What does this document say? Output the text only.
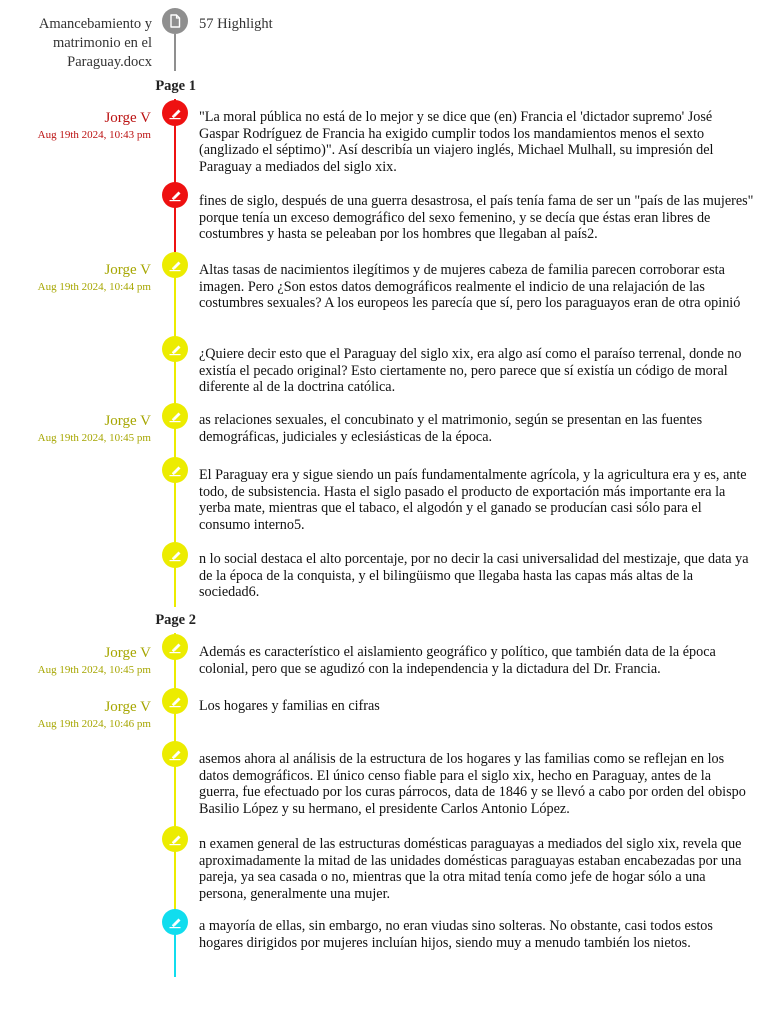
Amancebamiento y matrimonio en el Paraguay.docx
57 Highlight
Page 1
Jorge V
Aug 19th 2024, 10:43 pm
"La moral pública no está de lo mejor y se dice que (en) Francia el 'dictador supremo' José Gaspar Rodríguez de Francia ha exigido cumplir todos los mandamientos menos el sexto (anglizado el séptimo)". Así describía un viajero inglés, Michael Mulhall, su impresión del Paraguay a mediados del siglo xix.
fines de siglo, después de una guerra desastrosa, el país tenía fama de ser un "país de las mujeres" porque tenía un exceso demográfico del sexo femenino, y se decía que éstas eran libres de costumbres y hasta se peleaban por los hombres que llegaban al país2.
Jorge V
Aug 19th 2024, 10:44 pm
Altas tasas de nacimientos ilegítimos y de mujeres cabeza de familia parecen corroborar esta imagen. Pero ¿Son estos datos demográficos realmente el indicio de una relajación de las costumbres sexuales? A los europeos les parecía que sí, pero los paraguayos eran de otra opinió
¿Quiere decir esto que el Paraguay del siglo xix, era algo así como el paraíso terrenal, donde no existía el pecado original? Esto ciertamente no, pero parece que sí existía un código de moral diferente al de la doctrina católica.
Jorge V
Aug 19th 2024, 10:45 pm
as relaciones sexuales, el concubinato y el matrimonio, según se presentan en las fuentes demográficas, judiciales y eclesiásticas de la época.
El Paraguay era y sigue siendo un país fundamentalmente agrícola, y la agricultura era y es, ante todo, de subsistencia. Hasta el siglo pasado el producto de exportación más importante era la yerba mate, mientras que el tabaco, el algodón y el ganado se producían casi sólo para el consumo interno5.
n lo social destaca el alto porcentaje, por no decir la casi universalidad del mestizaje, que data ya de la época de la conquista, y el bilingüismo que llegaba hasta las capas más altas de la sociedad6.
Page 2
Jorge V
Aug 19th 2024, 10:45 pm
Además es característico el aislamiento geográfico y político, que también data de la época colonial, pero que se agudizó con la independencia y la dictadura del Dr. Francia.
Jorge V
Aug 19th 2024, 10:46 pm
Los hogares y familias en cifras
asemos ahora al análisis de la estructura de los hogares y las familias como se reflejan en los datos demográficos. El único censo fiable para el siglo xix, hecho en Paraguay, antes de la guerra, fue efectuado por los curas párrocos, data de 1846 y se llevó a cabo por orden del obispo Basilio López y su hermano, el presidente Carlos Antonio López.
n examen general de las estructuras domésticas paraguayas a mediados del siglo xix, revela que aproximadamente la mitad de las unidades domésticas paraguayas estaban encabezadas por una pareja, ya sea casada o no, mientras que la otra mitad tenía como jefe de hogar sólo a una persona, generalmente una mujer.
a mayoría de ellas, sin embargo, no eran viudas sino solteras. No obstante, casi todos estos hogares dirigidos por mujeres incluían hijos, siendo muy a menudo también los nietos.
